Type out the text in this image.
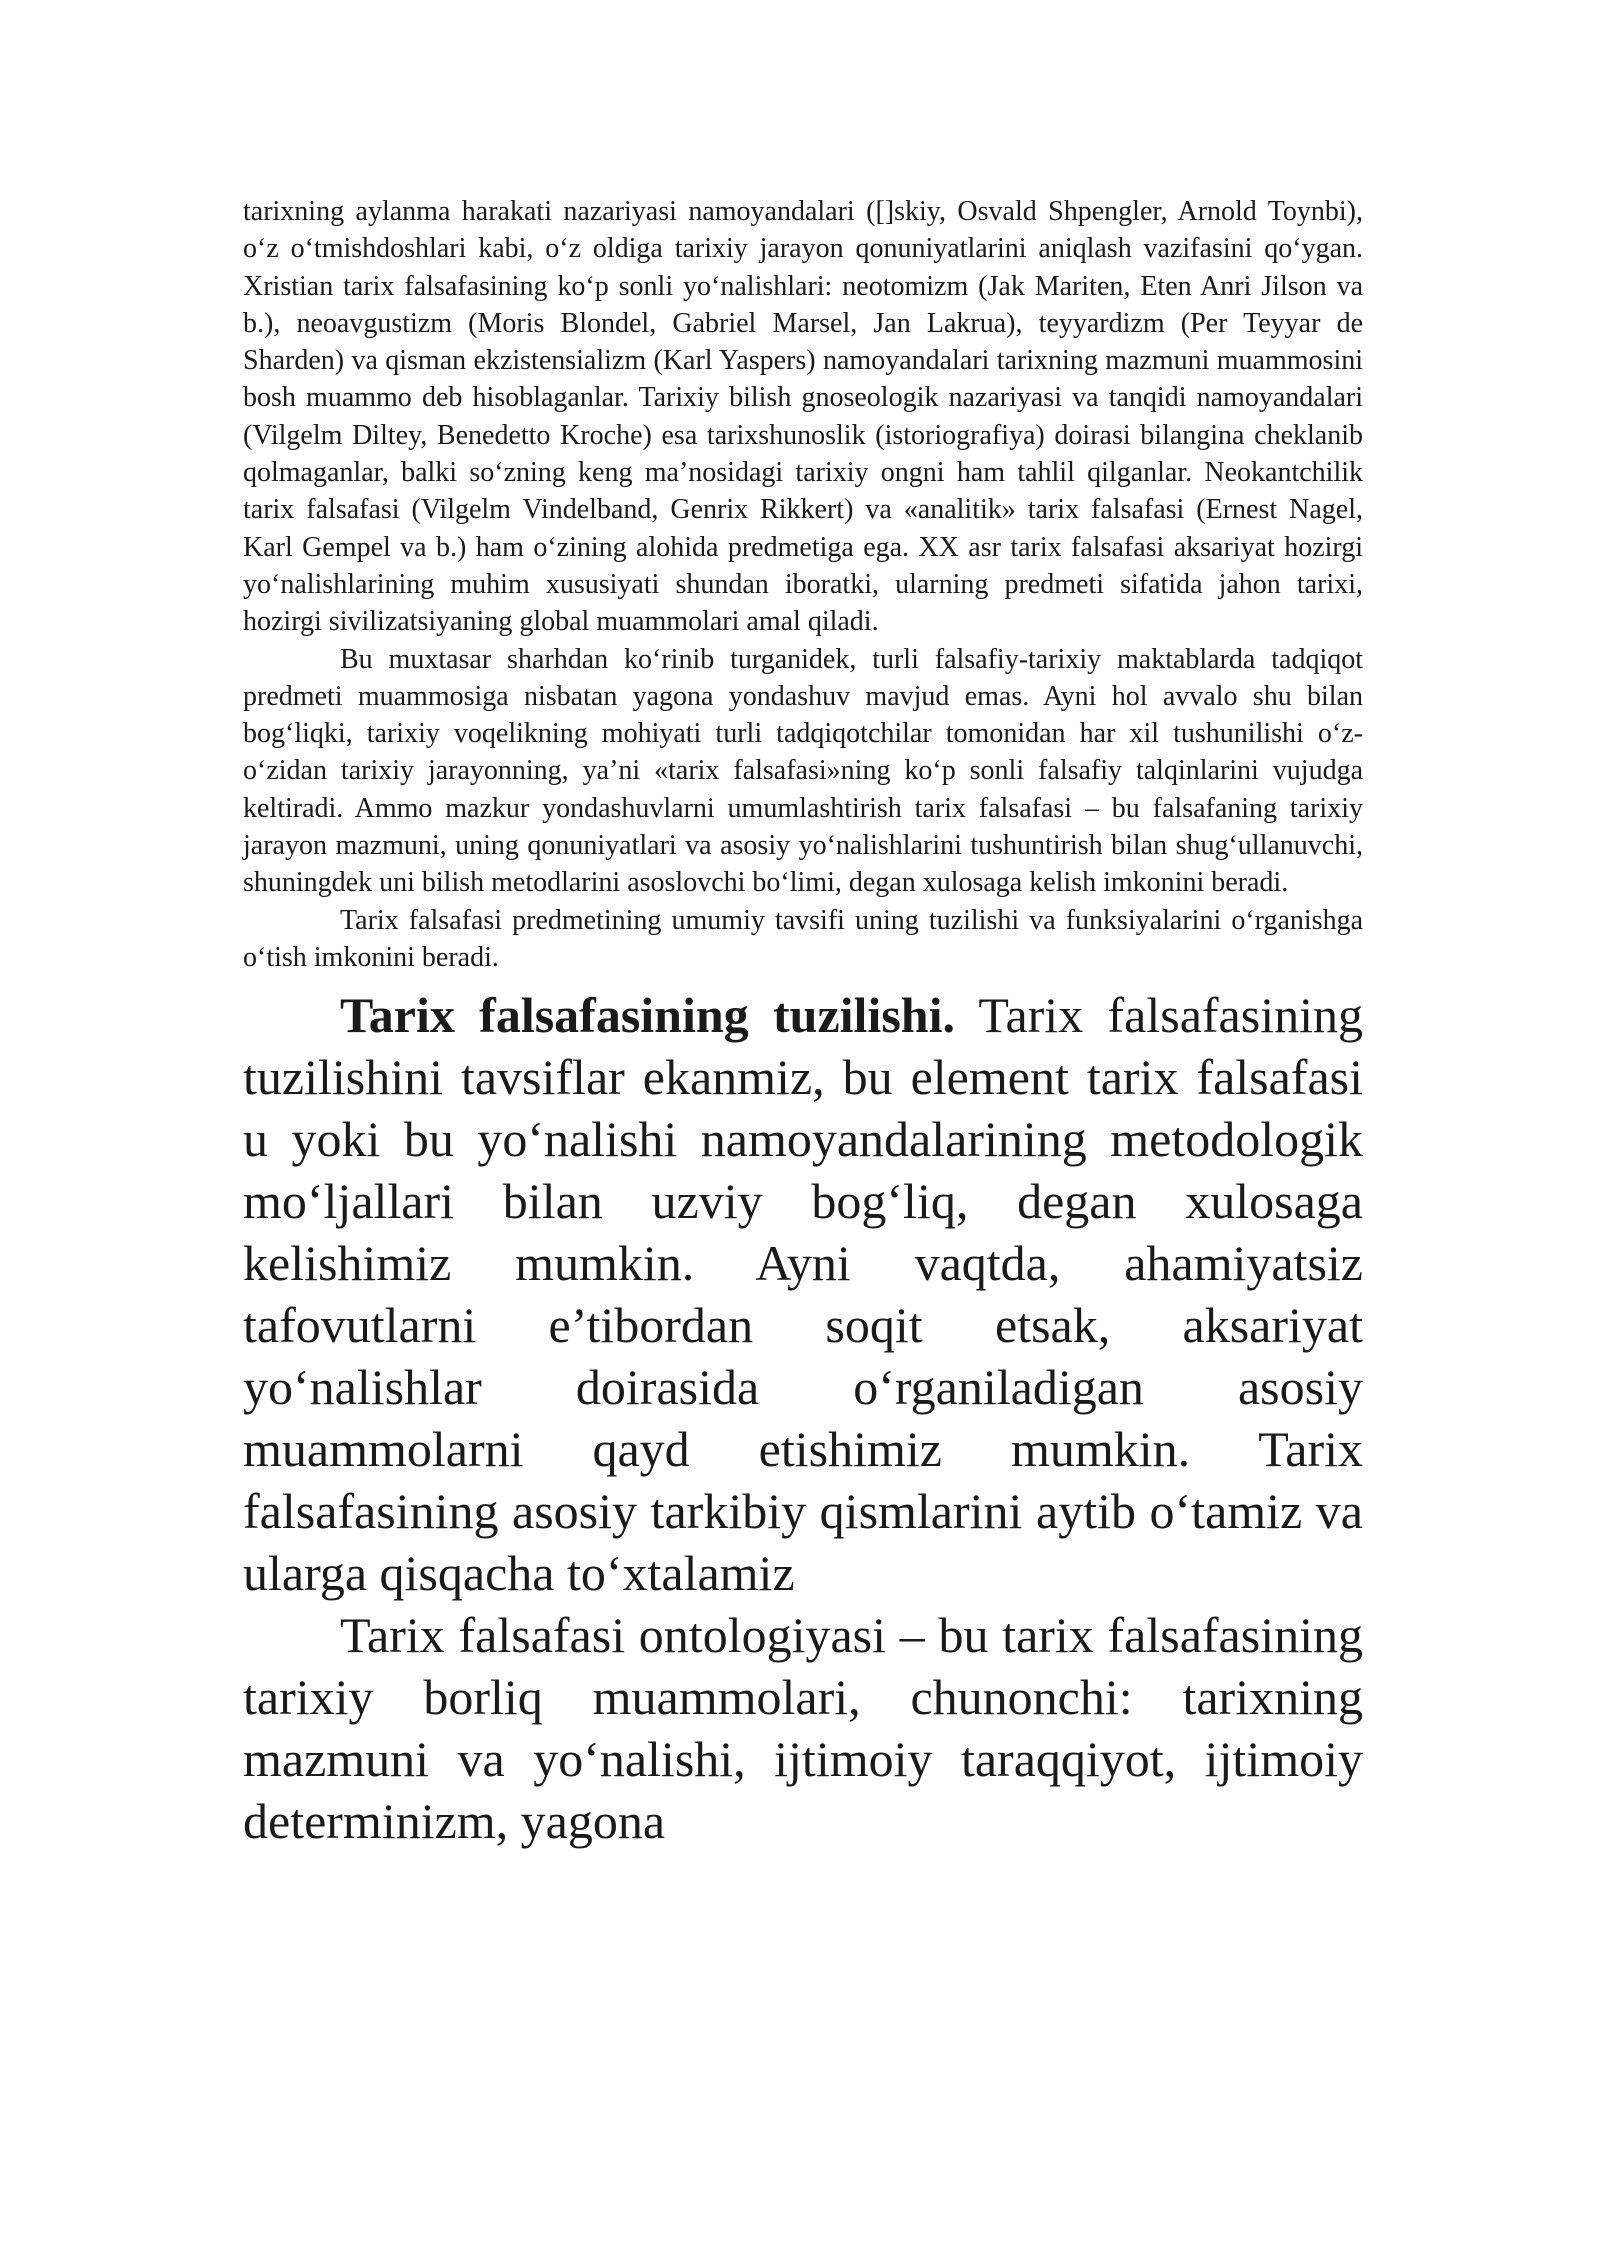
tarixning aylanma harakati nazariyasi namoyandalari ([]skiy, Osvald Shpengler, Arnold Toynbi), o‘z o‘tmishdoshlari kabi, o‘z oldiga tarixiy jarayon qonuniyatlarini aniqlash vazifasini qo‘ygan. Xristian tarix falsafasining ko‘p sonli yo‘nalishlari: neotomizm (Jak Mariten, Eten Anri Jilson va b.), neoavgustizm (Moris Blondel, Gabriel Marsel, Jan Lakrua), teyyardizm (Per Teyyar de Sharden) va qisman ekzistensializm (Karl Yaspers) namoyandalari tarixning mazmuni muammosini bosh muammo deb hisoblaganlar. Tarixiy bilish gnoseologik nazariyasi va tanqidi namoyandalari (Vilgelm Diltey, Benedetto Kroche) esa tarixshunoslik (istoriografiya) doirasi bilangina cheklanib qolmaganlar, balki so‘zning keng ma’nosidagi tarixiy ongni ham tahlil qilganlar. Neokantchilik tarix falsafasi (Vilgelm Vindelband, Genrix Rikkert) va «analitik» tarix falsafasi (Ernest Nagel, Karl Gempel va b.) ham o‘zining alohida predmetiga ega. XX asr tarix falsafasi aksariyat hozirgi yo‘nalishlarining muhim xususiyati shundan iboratki, ularning predmeti sifatida jahon tarixi, hozirgi sivilizatsiyaning global muammolari amal qiladi.

Bu muxtasar sharhdan ko‘rinib turganidek, turli falsafiy-tarixiy maktablarda tadqiqot predmeti muammosiga nisbatan yagona yondashuv mavjud emas. Ayni hol avvalo shu bilan bog‘liqki, tarixiy voqelikning mohiyati turli tadqiqotchilar tomonidan har xil tushunilishi o‘z-o‘zidan tarixiy jarayonning, ya’ni «tarix falsafasi»ning ko‘p sonli falsafiy talqinlarini vujudga keltiradi. Ammo mazkur yondashuvlarni umumlashtirish tarix falsafasi – bu falsafaning tarixiy jarayon mazmuni, uning qonuniyatlari va asosiy yo‘nalishlarini tushuntirish bilan shug‘ullanuvchi, shuningdek uni bilish metodlarini asoslovchi bo‘limi, degan xulosaga kelish imkonini beradi.

Tarix falsafasi predmetining umumiy tavsifi uning tuzilishi va funksiyalarini o‘rganishga o‘tish imkonini beradi.

Tarix falsafasining tuzilishi. Tarix falsafasining tuzilishini tavsiflar ekanmiz, bu element tarix falsafasi u yoki bu yo‘nalishi namoyandalarining metodologik mo‘ljallari bilan uzviy bog‘liq, degan xulosaga kelishimiz mumkin. Ayni vaqtda, ahamiyatsiz tafovutlarni e’tibordan soqit etsak, aksariyat yo‘nalishlar doirasida o‘rganiladigan asosiy muammolarni qayd etishimiz mumkin. Tarix falsafasining asosiy tarkibiy qismlarini aytib o‘tamiz va ularga qisqacha to‘xtalamiz

Tarix falsafasi ontologiyasi – bu tarix falsafasining tarixiy borliq muammolari, chunonchi: tarixning mazmuni va yo‘nalishi, ijtimoiy taraqqiyot, ijtimoiy determinizm, yagona
